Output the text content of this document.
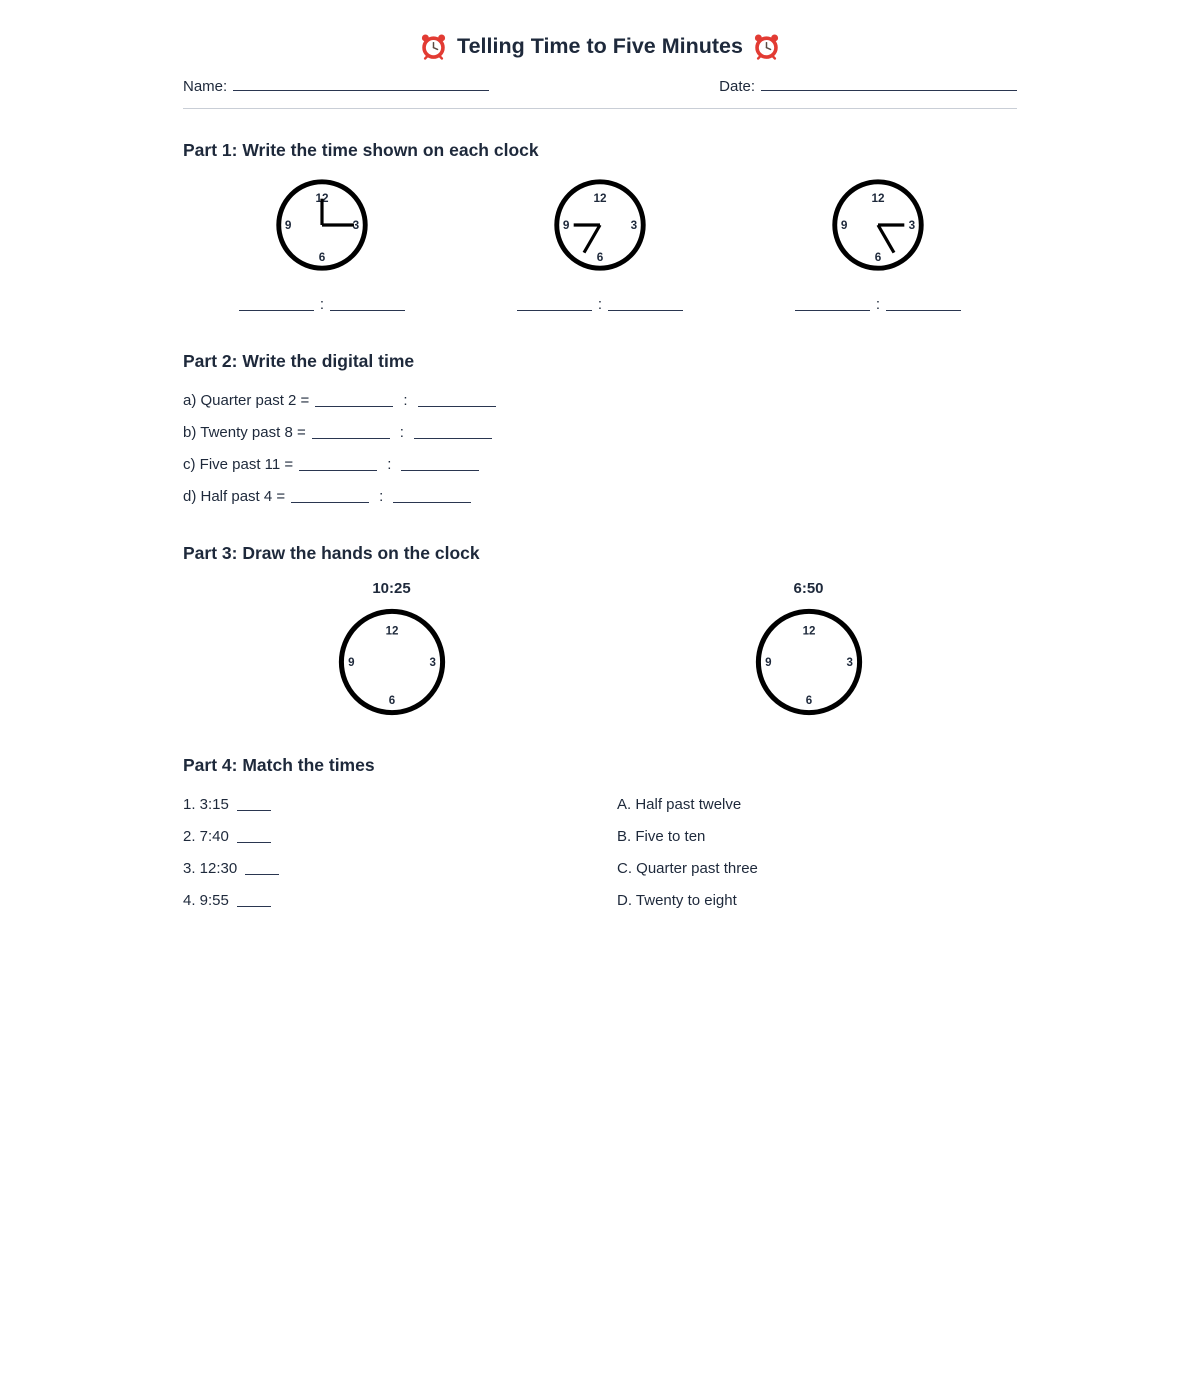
Telling Time to Five Minutes
Name:	Date:
Part 1: Write the time shown on each clock
12
3
6
9
12
3
6
9
12
3
6
9
:	:	:
Part 2: Write the digital time
a) Quarter past 2 =	:
b) Twenty past 8 =	:
c) Five past 11 =	:
d) Half past 4 =	:
Part 3: Draw the hands on the clock
10:25
12
3
6
9
6:50
12
3
6
9
Part 4: Match the times
1. 3:15	A. Half past twelve
2. 7:40	B. Five to ten
3. 12:30	C. Quarter past three
4. 9:55	D. Twenty to eight
